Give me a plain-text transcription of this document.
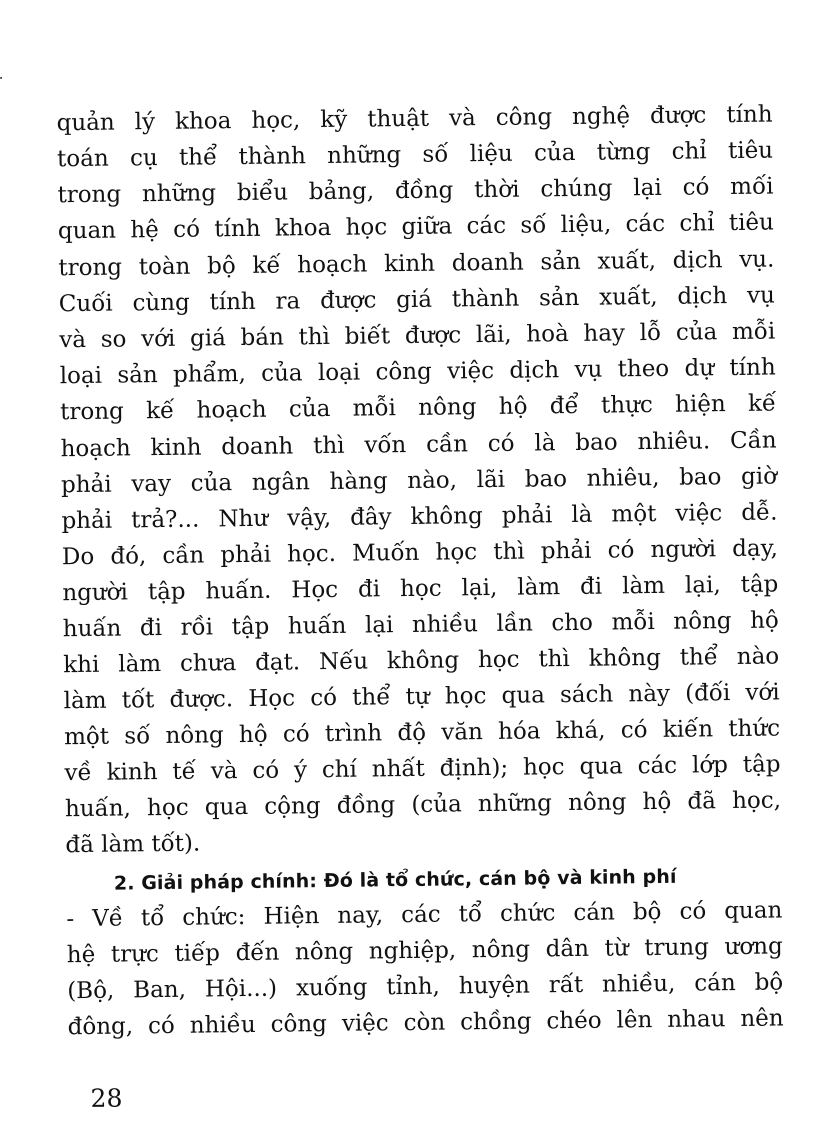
quản lý khoa học, kỹ thuật và công nghệ được tính
toán cụ thể thành những số liệu của từng chỉ tiêu
trong những biểu bảng, đồng thời chúng lại có mối
quan hệ có tính khoa học giữa các số liệu, các chỉ tiêu
trong toàn bộ kế hoạch kinh doanh sản xuất, dịch vụ.
Cuối cùng tính ra được giá thành sản xuất, dịch vụ
và so với giá bán thì biết được lãi, hoà hay lỗ của mỗi
loại sản phẩm, của loại công việc dịch vụ theo dự tính
trong kế hoạch của mỗi nông hộ để thực hiện kế
hoạch kinh doanh thì vốn cần có là bao nhiêu. Cần
phải vay của ngân hàng nào, lãi bao nhiêu, bao giờ
phải trả?... Như vậy, đây không phải là một việc dễ.
Do đó, cần phải học. Muốn học thì phải có người dạy,
người tập huấn. Học đi học lại, làm đi làm lại, tập
huấn đi rồi tập huấn lại nhiều lần cho mỗi nông hộ
khi làm chưa đạt. Nếu không học thì không thể nào
làm tốt được. Học có thể tự học qua sách này (đối với
một số nông hộ có trình độ văn hóa khá, có kiến thức
về kinh tế và có ý chí nhất định); học qua các lớp tập
huấn, học qua cộng đồng (của những nông hộ đã học,
đã làm tốt).
2. Giải pháp chính: Đó là tổ chức, cán bộ và kinh phí
- Về tổ chức: Hiện nay, các tổ chức cán bộ có quan
hệ trực tiếp đến nông nghiệp, nông dân từ trung ương
(Bộ, Ban, Hội...) xuống tỉnh, huyện rất nhiều, cán bộ
đông, có nhiều công việc còn chồng chéo lên nhau nên
28
